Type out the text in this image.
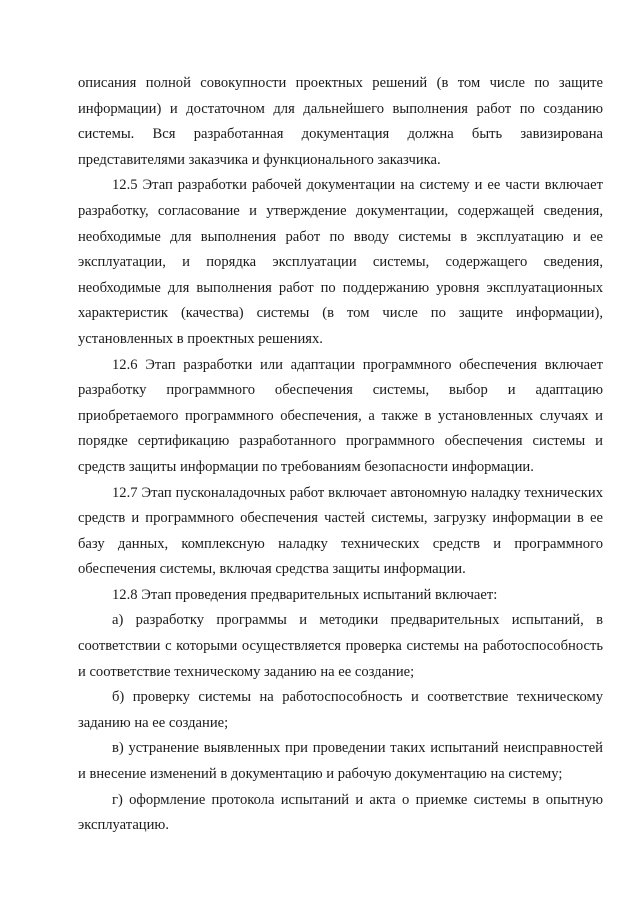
описания полной совокупности проектных решений (в том числе по защите информации) и достаточном для дальнейшего выполнения работ по созданию системы. Вся разработанная документация должна быть завизирована представителями заказчика и функционального заказчика.

12.5 Этап разработки рабочей документации на систему и ее части включает разработку, согласование и утверждение документации, содержащей сведения, необходимые для выполнения работ по вводу системы в эксплуатацию и ее эксплуатации, и порядка эксплуатации системы, содержащего сведения, необходимые для выполнения работ по поддержанию уровня эксплуатационных характеристик (качества) системы (в том числе по защите информации), установленных в проектных решениях.

12.6 Этап разработки или адаптации программного обеспечения включает разработку программного обеспечения системы, выбор и адаптацию приобретаемого программного обеспечения, а также в установленных случаях и порядке сертификацию разработанного программного обеспечения системы и средств защиты информации по требованиям безопасности информации.

12.7 Этап пусконаладочных работ включает автономную наладку технических средств и программного обеспечения частей системы, загрузку информации в ее базу данных, комплексную наладку технических средств и программного обеспечения системы, включая средства защиты информации.

12.8 Этап проведения предварительных испытаний включает:

а) разработку программы и методики предварительных испытаний, в соответствии с которыми осуществляется проверка системы на работоспособность и соответствие техническому заданию на ее создание;

б) проверку системы на работоспособность и соответствие техническому заданию на ее создание;

в) устранение выявленных при проведении таких испытаний неисправностей и внесение изменений в документацию и рабочую документацию на систему;

г) оформление протокола испытаний и акта о приемке системы в опытную эксплуатацию.
